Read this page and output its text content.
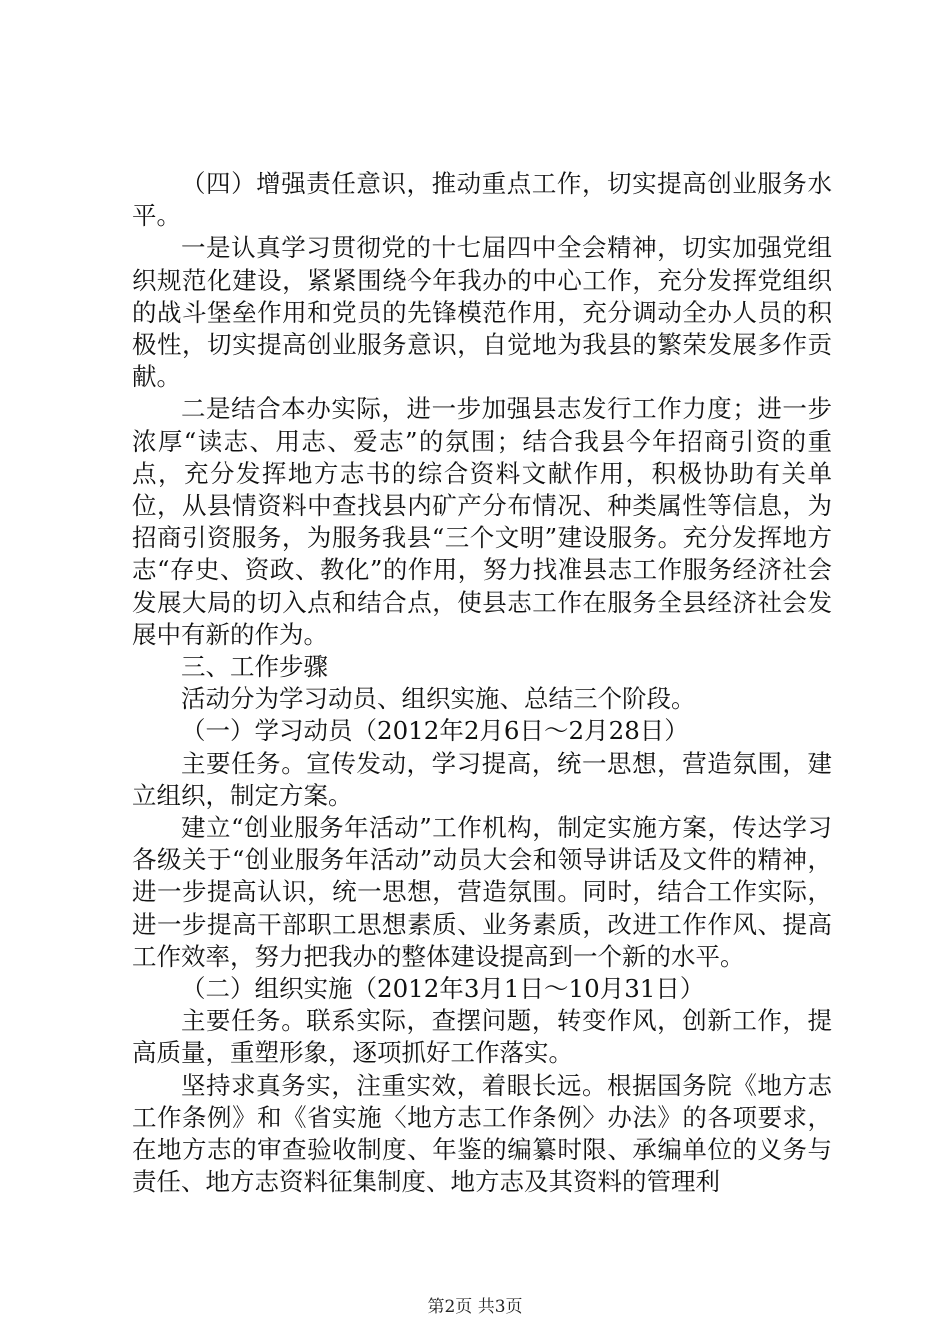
（四）增强责任意识，推动重点工作，切实提高创业服务水平。

一是认真学习贯彻党的十七届四中全会精神，切实加强党组织规范化建设，紧紧围绕今年我办的中心工作，充分发挥党组织的战斗堡垒作用和党员的先锋模范作用，充分调动全办人员的积极性，切实提高创业服务意识，自觉地为我县的繁荣发展多作贡献。

二是结合本办实际，进一步加强县志发行工作力度；进一步浓厚“读志、用志、爱志”的氛围；结合我县今年招商引资的重点，充分发挥地方志书的综合资料文献作用，积极协助有关单位，从县情资料中查找县内矿产分布情况、种类属性等信息，为招商引资服务，为服务我县“三个文明”建设服务。充分发挥地方志“存史、资政、教化”的作用，努力找准县志工作服务经济社会发展大局的切入点和结合点，使县志工作在服务全县经济社会发展中有新的作为。

三、工作步骤

活动分为学习动员、组织实施、总结三个阶段。

（一）学习动员（2012年2月6日～2月28日）

主要任务。宣传发动，学习提高，统一思想，营造氛围，建立组织，制定方案。

建立“创业服务年活动”工作机构，制定实施方案，传达学习各级关于“创业服务年活动”动员大会和领导讲话及文件的精神，进一步提高认识，统一思想，营造氛围。同时，结合工作实际，进一步提高干部职工思想素质、业务素质，改进工作作风、提高工作效率，努力把我办的整体建设提高到一个新的水平。

（二）组织实施（2012年3月1日～10月31日）

主要任务。联系实际，查摆问题，转变作风，创新工作，提高质量，重塑形象，逐项抓好工作落实。

坚持求真务实，注重实效，着眼长远。根据国务院《地方志工作条例》和《省实施〈地方志工作条例〉办法》的各项要求，在地方志的审查验收制度、年鉴的编纂时限、承编单位的义务与责任、地方志资料征集制度、地方志及其资料的管理利

第2页 共3页
